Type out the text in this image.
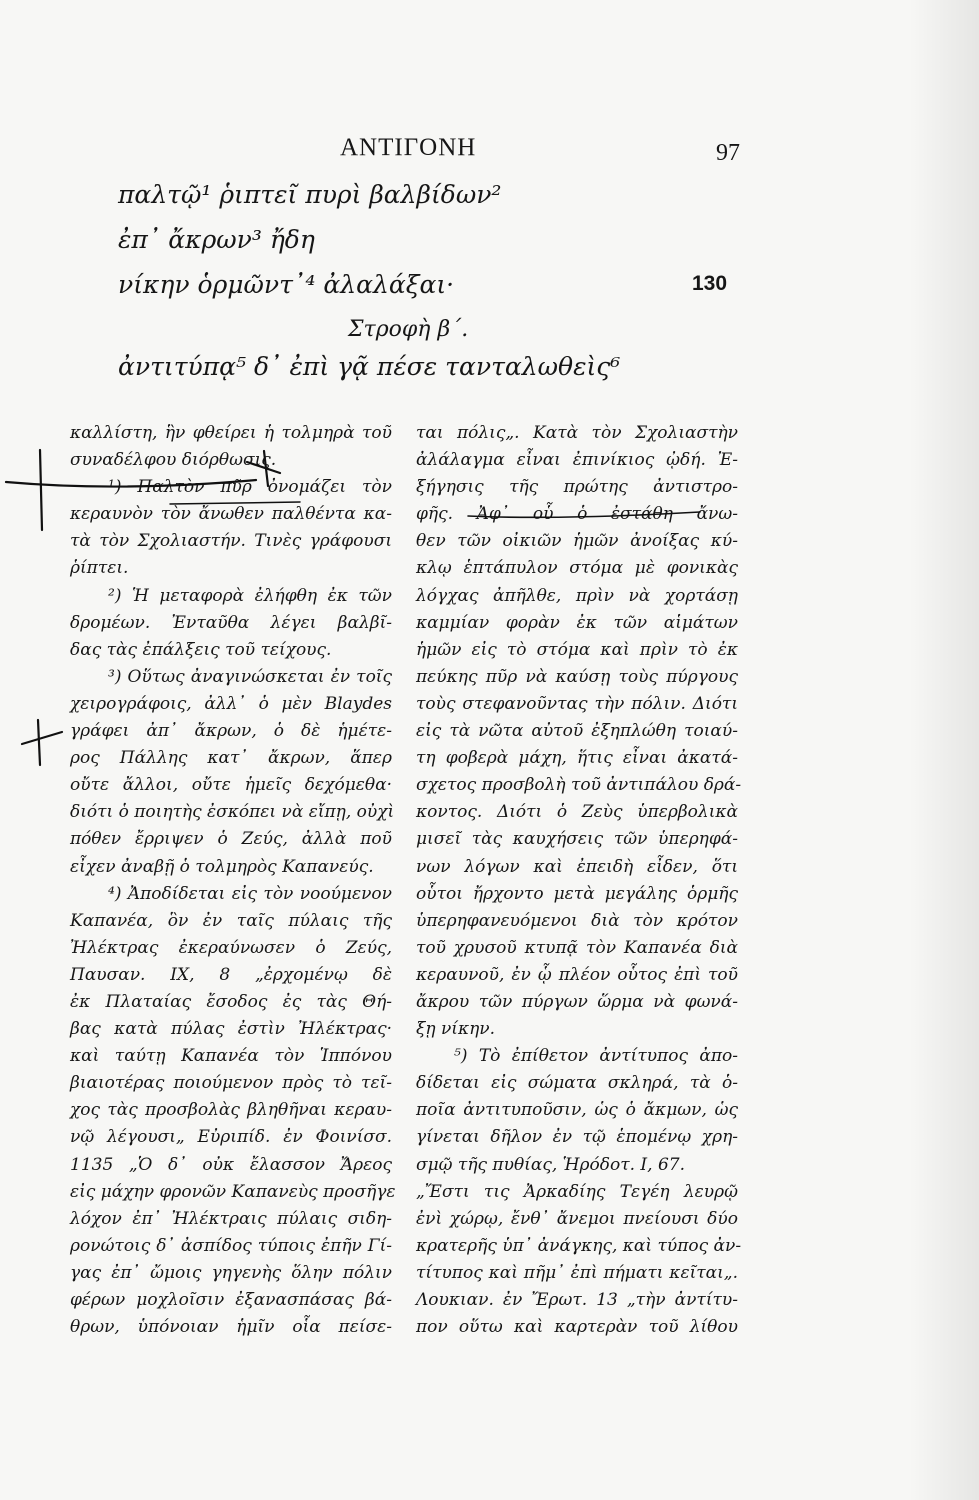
ΑΝΤΙΓΟΝΗ	97
παλτῷ¹ ῥιπτεῖ πυρὶ βαλβίδων²
ἐπ᾽ ἄκρων³ ἤδη
νίκην ὁρμῶντ᾽⁴ ἀλαλάξαι·	130
Στροφὴ β´.
ἀντιτύπᾳ⁵ δ᾽ ἐπὶ γᾷ πέσε τανταλωθεὶς⁶
καλλίστη, ἣν φθείρει ἡ τολμηρὰ τοῦ
συναδέλφου διόρθωσις.
¹) Παλτὸν πῦρ ὀνομάζει τὸν
κεραυνὸν τὸν ἄνωθεν παλθέντα κα-
τὰ τὸν Σχολιαστήν. Τινὲς γράφουσι
ῥίπτει.
²) Ἡ μεταφορὰ ἐλήφθη ἐκ τῶν
δρομέων. Ἐνταῦθα λέγει βαλβῖ-
δας τὰς ἐπάλξεις τοῦ τείχους.
³) Οὕτως ἀναγινώσκεται ἐν τοῖς
χειρογράφοις, ἀλλ᾽ ὁ μὲν Blaydes
γράφει ἀπ᾽ ἄκρων, ὁ δὲ ἡμέτε-
ρος Πάλλης κατ᾽ ἄκρων, ἅπερ
οὔτε ἄλλοι, οὔτε ἡμεῖς δεχόμεθα·
διότι ὁ ποιητὴς ἐσκόπει νὰ εἴπῃ, οὐχὶ
πόθεν ἔρριψεν ὁ Ζεύς, ἀλλὰ ποῦ
εἶχεν ἀναβῇ ὁ τολμηρὸς Καπανεύς.
⁴) Ἀποδίδεται εἰς τὸν νοούμενον
Καπανέα, ὃν ἐν ταῖς πύλαις τῆς
Ἠλέκτρας ἐκεραύνωσεν ὁ Ζεύς,
Παυσαν. IX, 8 „ἐρχομένῳ δὲ
ἐκ Πλαταίας ἔσοδος ἐς τὰς Θή-
βας κατὰ πύλας ἐστὶν Ἠλέκτρας·
καὶ ταύτῃ Καπανέα τὸν Ἱππόνου
βιαιοτέρας ποιούμενον πρὸς τὸ τεῖ-
χος τὰς προσβολὰς βληθῆναι κεραυ-
νῷ λέγουσι„ Εὐριπίδ. ἐν Φοινίσσ.
1135 „Ὁ δ᾽ οὐκ ἔλασσον Ἄρεος
εἰς μάχην φρονῶν Καπανεὺς προσῆγε
λόχον ἐπ᾽ Ἠλέκτραις πύλαις σιδη-
ρονώτοις δ᾽ ἀσπίδος τύποις ἐπῆν Γί-
γας ἐπ᾽ ὤμοις γηγενὴς ὅλην πόλιν
φέρων μοχλοῖσιν ἐξανασπάσας βά-
θρων, ὑπόνοιαν ἡμῖν οἷα πείσε-
ται πόλις„. Κατὰ τὸν Σχολιαστὴν
ἀλάλαγμα εἶναι ἐπινίκιος ᾠδή. Ἐ-
ξήγησις τῆς πρώτης ἀντιστρο-
φῆς. Ἀφ᾽ οὗ ὁ ἐστάθη ἄνω-
θεν τῶν οἰκιῶν ἡμῶν ἀνοίξας κύ-
κλῳ ἑπτάπυλον στόμα μὲ φονικὰς
λόγχας ἀπῆλθε, πρὶν νὰ χορτάσῃ
καμμίαν φορὰν ἐκ τῶν αἱμάτων
ἡμῶν εἰς τὸ στόμα καὶ πρὶν τὸ ἐκ
πεύκης πῦρ νὰ καύσῃ τοὺς πύργους
τοὺς στεφανοῦντας τὴν πόλιν. Διότι
εἰς τὰ νῶτα αὐτοῦ ἐξηπλώθη τοιαύ-
τη φοβερὰ μάχη, ἥτις εἶναι ἀκατά-
σχετος προσβολὴ τοῦ ἀντιπάλου δρά-
κοντος. Διότι ὁ Ζεὺς ὑπερβολικὰ
μισεῖ τὰς καυχήσεις τῶν ὑπερηφά-
νων λόγων καὶ ἐπειδὴ εἶδεν, ὅτι
οὗτοι ἤρχοντο μετὰ μεγάλης ὁρμῆς
ὑπερηφανευόμενοι διὰ τὸν κρότον
τοῦ χρυσοῦ κτυπᾷ τὸν Καπανέα διὰ
κεραυνοῦ, ἐν ᾧ πλέον οὗτος ἐπὶ τοῦ
ἄκρου τῶν πύργων ὥρμα νὰ φωνά-
ξῃ νίκην.
⁵) Τὸ ἐπίθετον ἀντίτυπος ἀπο-
δίδεται εἰς σώματα σκληρά, τὰ ὁ-
ποῖα ἀντιτυποῦσιν, ὡς ὁ ἄκμων, ὡς
γίνεται δῆλον ἐν τῷ ἑπομένῳ χρη-
σμῷ τῆς πυθίας, Ἡρόδοτ. I, 67.
„Ἔστι τις Ἀρκαδίης Τεγέη λευρῷ
ἐνὶ χώρῳ, ἔνθ᾽ ἄνεμοι πνείουσι δύο
κρατερῆς ὑπ᾽ ἀνάγκης, καὶ τύπος ἀν-
τίτυπος καὶ πῆμ᾽ ἐπὶ πήματι κεῖται„.
Λουκιαν. ἐν Ἔρωτ. 13 „τὴν ἀντίτυ-
πον οὕτω καὶ καρτερὰν τοῦ λίθου
